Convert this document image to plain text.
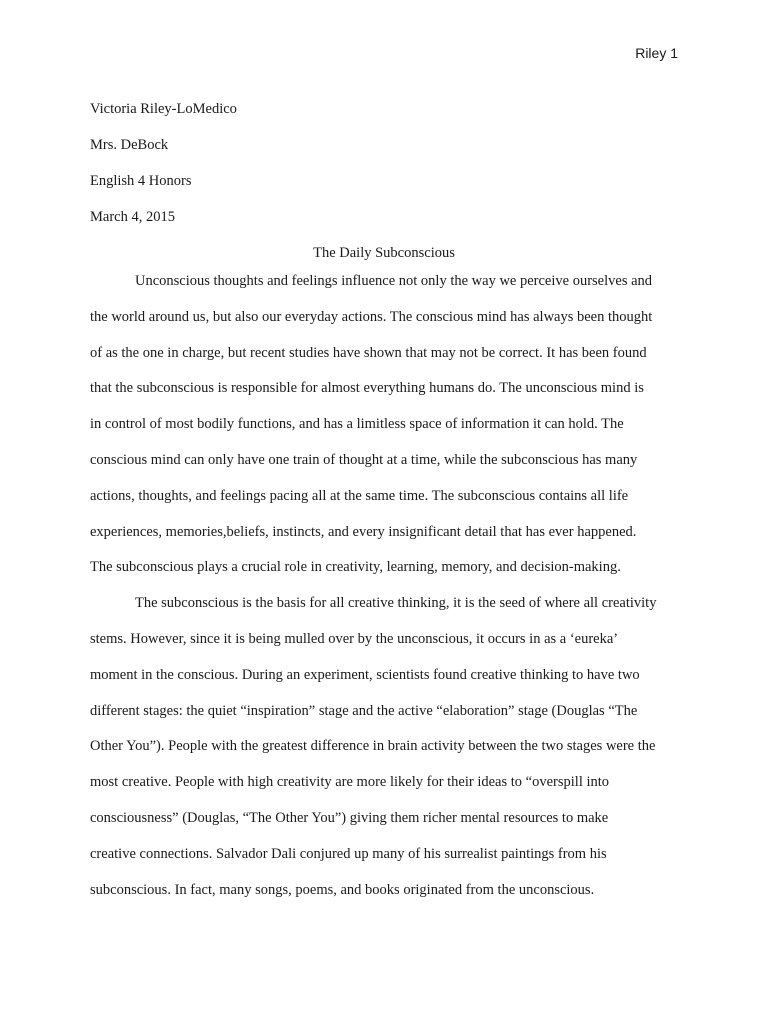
Riley 1
Victoria Riley-LoMedico
Mrs. DeBock
English 4 Honors
March 4, 2015
The Daily Subconscious
Unconscious thoughts and feelings influence not only the way we perceive ourselves and
the world around us, but also our everyday actions. The conscious mind has always been thought
of as the one in charge, but recent studies have shown that may not be correct. It has been found
that the subconscious is responsible for almost everything humans do. The unconscious mind is
in control of most bodily functions, and has a limitless space of information it can hold. The
conscious mind can only have one train of thought at a time, while the subconscious has many
actions, thoughts, and feelings pacing all at the same time. The subconscious contains all life
experiences, memories,beliefs, instincts, and every insignificant detail that has ever happened.
The subconscious plays a crucial role in creativity, learning, memory, and decision-making.
The subconscious is the basis for all creative thinking, it is the seed of where all creativity
stems. However, since it is being mulled over by the unconscious, it occurs in as a ‘eureka’
moment in the conscious. During an experiment, scientists found creative thinking to have two
different stages: the quiet “inspiration” stage and the active “elaboration” stage (Douglas “The
Other You”). People with the greatest difference in brain activity between the two stages were the
most creative. People with high creativity are more likely for their ideas to “overspill into
consciousness” (Douglas, “The Other You”) giving them richer mental resources to make
creative connections. Salvador Dali conjured up many of his surrealist paintings from his
subconscious. In fact, many songs, poems, and books originated from the unconscious.
